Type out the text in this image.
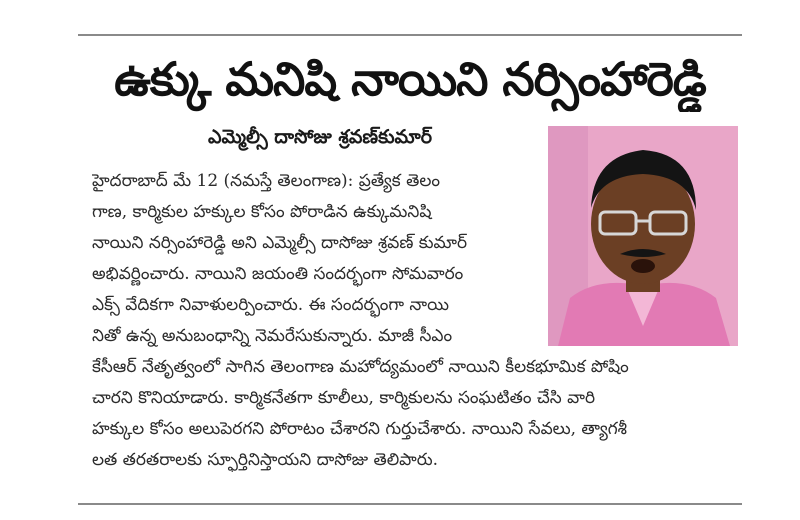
ఉక్కు మనిషి నాయిని నర్సింహారెడ్డి
ఎమ్మెల్సీ దాసోజు శ్రవణ్‌కుమార్
హైదరాబాద్ మే 12 (నమస్తే తెలంగాణ): ప్రత్యేక తెలం
గాణ, కార్మికుల హక్కుల కోసం పోరాడిన ఉక్కుమనిషి
నాయిని నర్సింహారెడ్డి అని ఎమ్మెల్సీ దాసోజు శ్రవణ్ కుమార్
అభివర్ణించారు. నాయిని జయంతి సందర్భంగా సోమవారం
ఎక్స్ వేదికగా నివాళులర్పించారు. ఈ సందర్భంగా నాయి
నితో ఉన్న అనుబంధాన్ని నెమరేసుకున్నారు. మాజీ సీఎం
కేసీఆర్ నేతృత్వంలో సాగిన తెలంగాణ మహోద్యమంలో నాయిని కీలకభూమిక పోషిం
చారని కొనియాడారు. కార్మికనేతగా కూలీలు, కార్మికులను సంఘటితం చేసి వారి
హక్కుల కోసం అలుపెరగని పోరాటం చేశారని గుర్తుచేశారు. నాయిని సేవలు, త్యాగశీ
లత తరతరాలకు స్ఫూర్తినిస్తాయని దాసోజు తెలిపారు.
